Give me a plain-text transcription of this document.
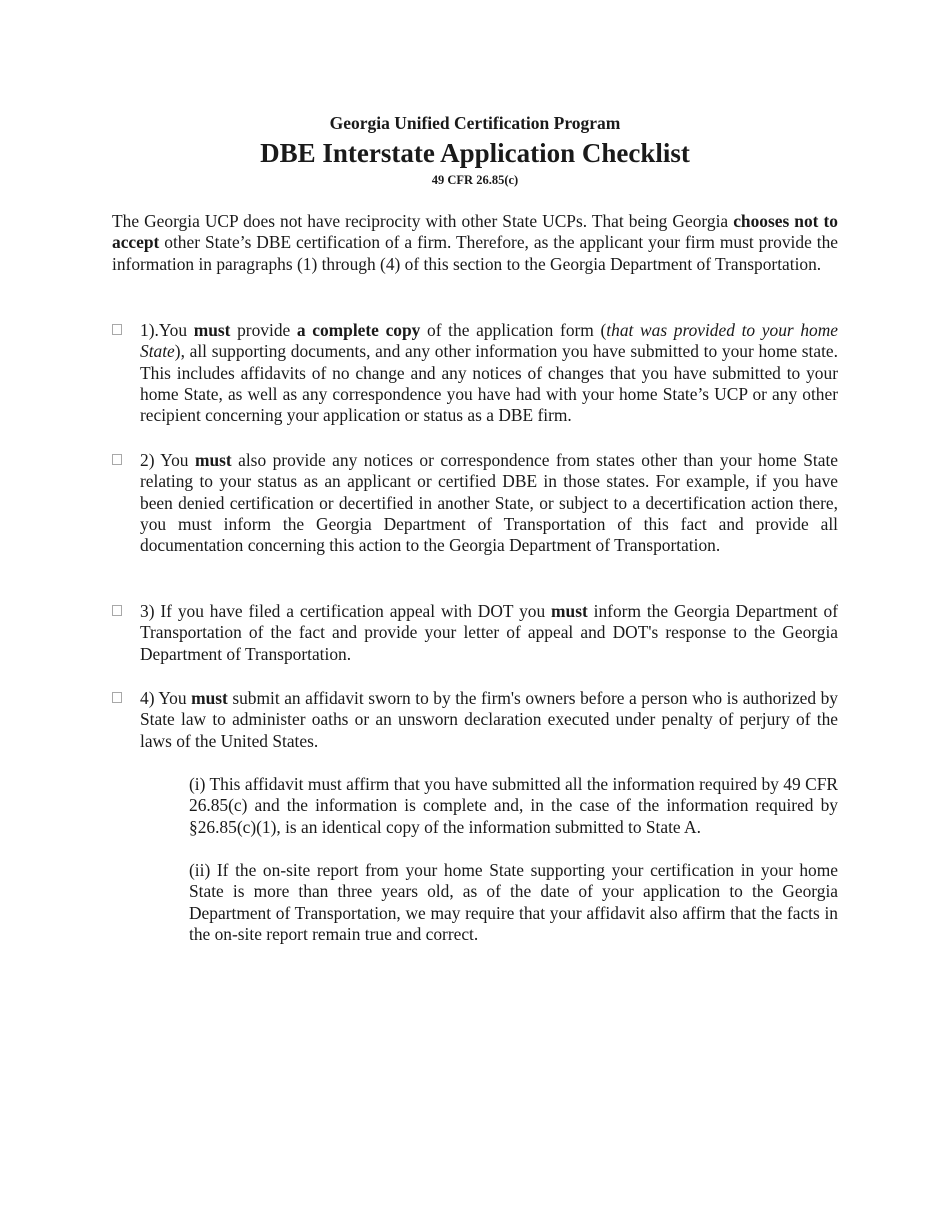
Georgia Unified Certification Program
DBE Interstate Application Checklist
49 CFR 26.85(c)

The Georgia UCP does not have reciprocity with other State UCPs. That being Georgia chooses not to accept other State’s DBE certification of a firm. Therefore, as the applicant your firm must provide the information in paragraphs (1) through (4) of this section to the Georgia Department of Transportation.

1).You must provide a complete copy of the application form (that was provided to your home State), all supporting documents, and any other information you have submitted to your home state. This includes affidavits of no change and any notices of changes that you have submitted to your home State, as well as any correspondence you have had with your home State’s UCP or any other recipient concerning your application or status as a DBE firm.

2) You must also provide any notices or correspondence from states other than your home State relating to your status as an applicant or certified DBE in those states. For example, if you have been denied certification or decertified in another State, or subject to a decertification action there, you must inform the Georgia Department of Transportation of this fact and provide all documentation concerning this action to the Georgia Department of Transportation.

3) If you have filed a certification appeal with DOT you must inform the Georgia Department of Transportation of the fact and provide your letter of appeal and DOT's response to the Georgia Department of Transportation.

4) You must submit an affidavit sworn to by the firm's owners before a person who is authorized by State law to administer oaths or an unsworn declaration executed under penalty of perjury of the laws of the United States.

(i) This affidavit must affirm that you have submitted all the information required by 49 CFR 26.85(c) and the information is complete and, in the case of the information required by §26.85(c)(1), is an identical copy of the information submitted to State A.

(ii) If the on-site report from your home State supporting your certification in your home State is more than three years old, as of the date of your application to the Georgia Department of Transportation, we may require that your affidavit also affirm that the facts in the on-site report remain true and correct.
